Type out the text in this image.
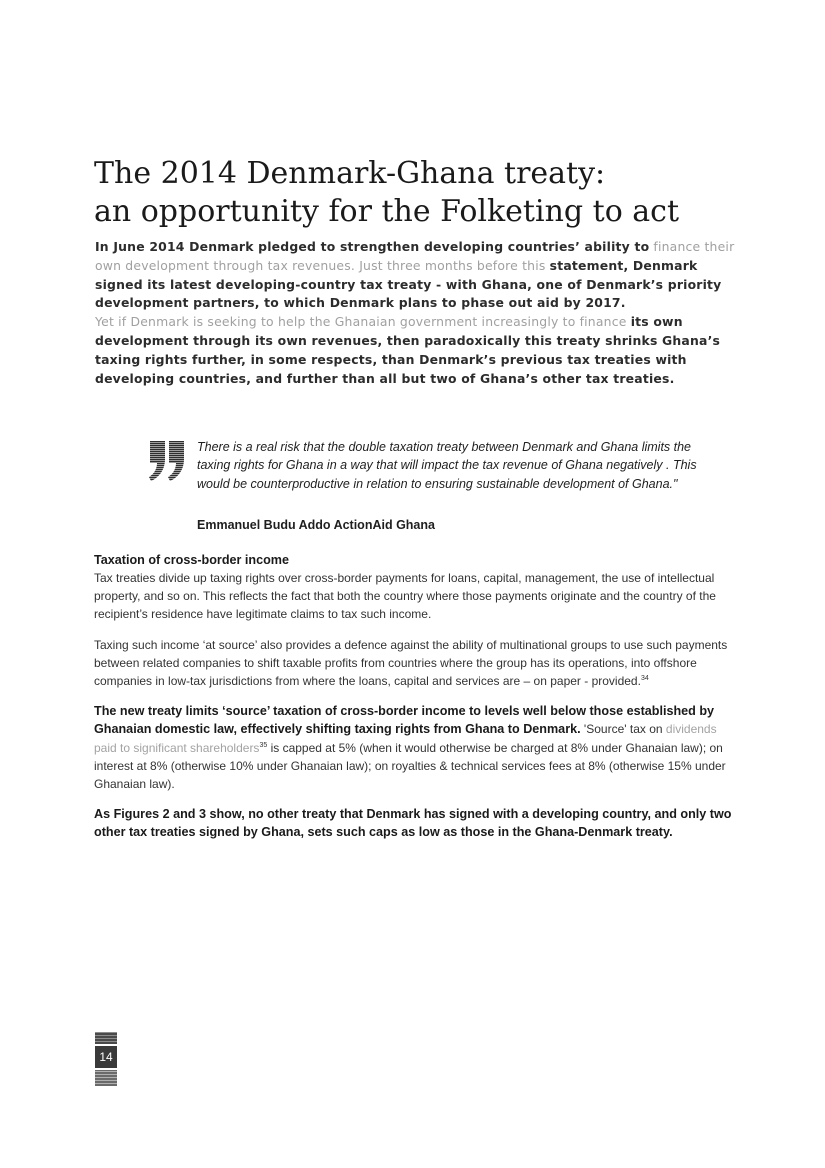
The 2014 Denmark-Ghana treaty:
an opportunity for the Folketing to act

In June 2014 Denmark pledged to strengthen developing countries’ ability to finance their own development through tax revenues. Just three months before this statement, Denmark signed its latest developing-country tax treaty - with Ghana, one of Denmark’s priority development partners, to which Denmark plans to phase out aid by 2017.

Yet if Denmark is seeking to help the Ghanaian government increasingly to finance its own development through its own revenues, then paradoxically this treaty shrinks Ghana’s taxing rights further, in some respects, than Denmark’s previous tax treaties with developing countries, and further than all but two of Ghana’s other tax treaties.

There is a real risk that the double taxation treaty between Denmark and Ghana limits the taxing rights for Ghana in a way that will impact the tax revenue of Ghana negatively . This would be counterproductive in relation to ensuring sustainable development of Ghana."
Emmanuel Budu Addo ActionAid Ghana
Taxation of cross-border income

Tax treaties divide up taxing rights over cross-border payments for loans, capital, management, the use of intellectual property, and so on. This reflects the fact that both the country where those payments originate and the country of the recipient’s residence have legitimate claims to tax such income.

Taxing such income ‘at source’ also provides a defence against the ability of multinational groups to use such payments between related companies to shift taxable profits from countries where the group has its operations, into offshore companies in low-tax jurisdictions from where the loans, capital and services are – on paper - provided.$^{34}$

The new treaty limits ‘source’ taxation of cross-border income to levels well below those established by Ghanaian domestic law, effectively shifting taxing rights from Ghana to Denmark. 'Source' tax on dividends paid to significant shareholders$^{35}$ is capped at 5% (when it would otherwise be charged at 8% under Ghanaian law); on interest at 8% (otherwise 10% under Ghanaian law); on royalties & technical services fees at 8% (otherwise 15% under Ghanaian law).

As Figures 2 and 3 show, no other treaty that Denmark has signed with a developing country, and only two other tax treaties signed by Ghana, sets such caps as low as those in the Ghana-Denmark treaty.

14
